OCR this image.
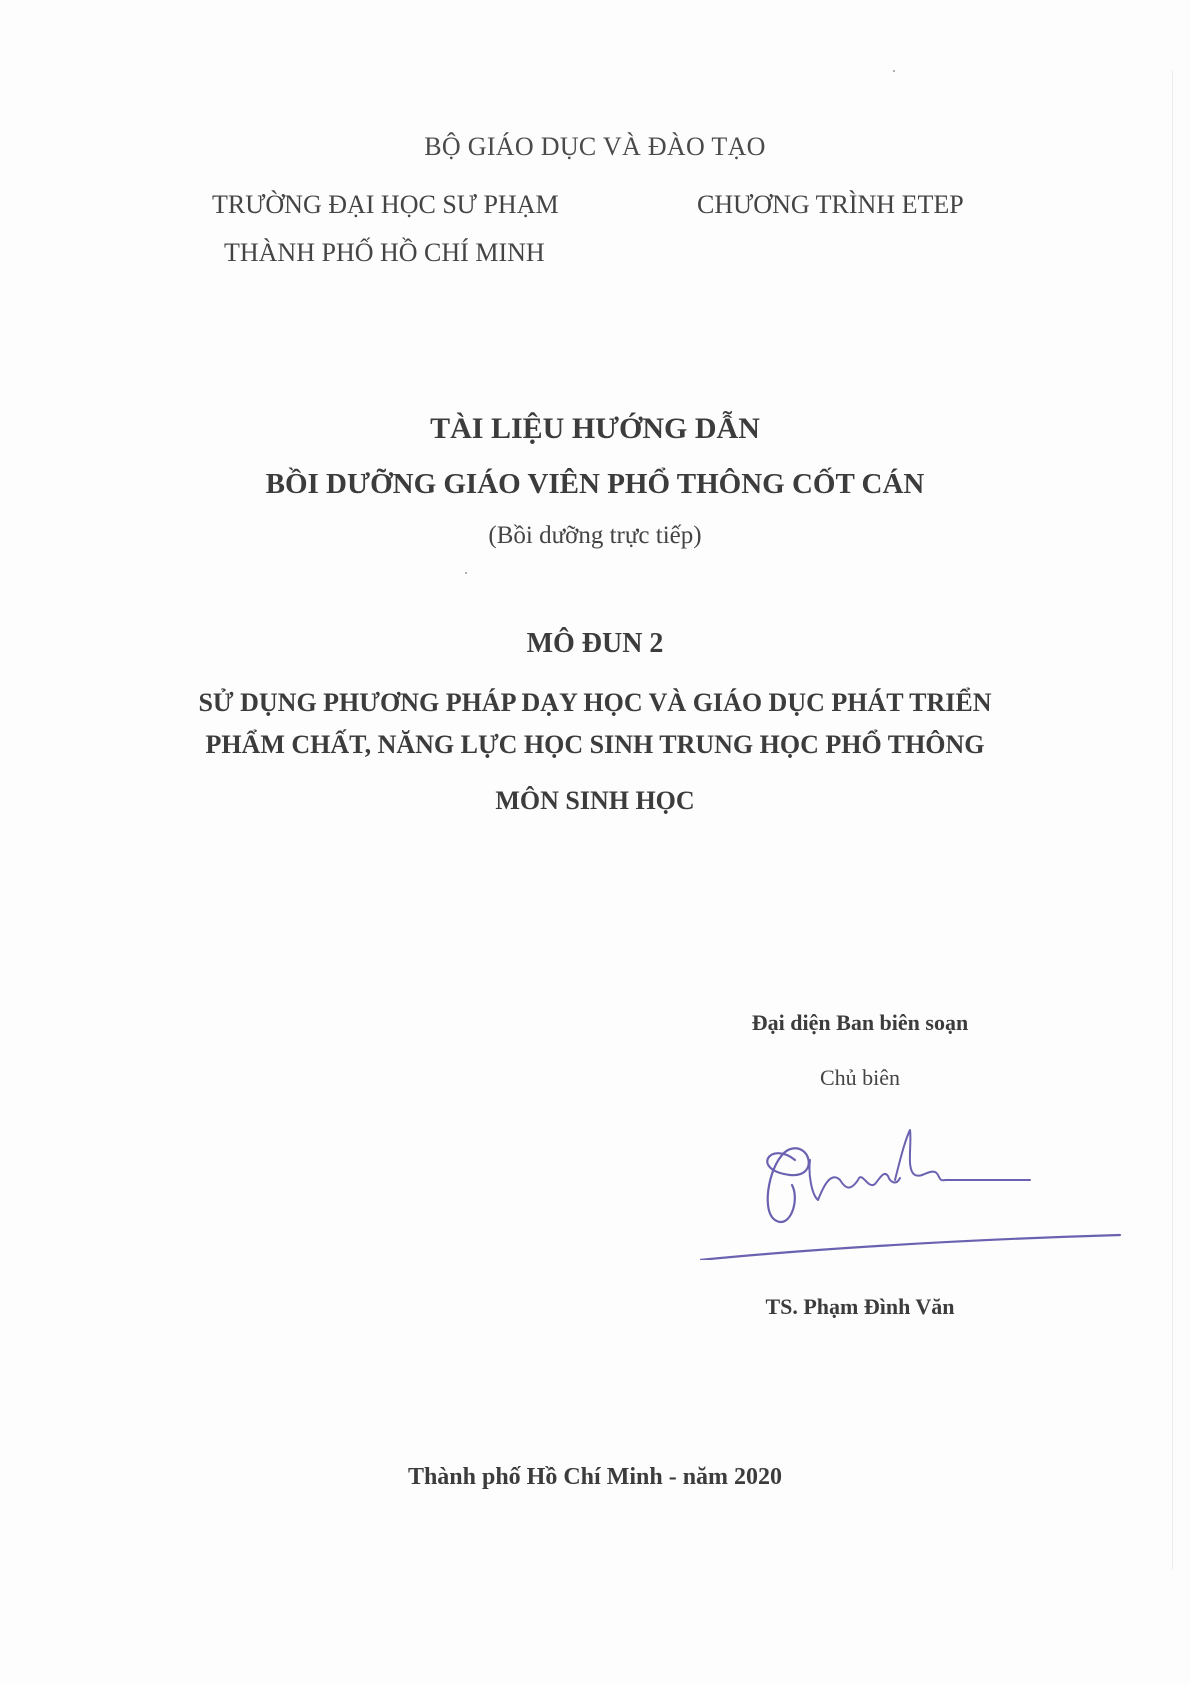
BỘ GIÁO DỤC VÀ ĐÀO TẠO
TRƯỜNG ĐẠI HỌC SƯ PHẠM
THÀNH PHỐ HỒ CHÍ MINH
CHƯƠNG TRÌNH ETEP
TÀI LIỆU HƯỚNG DẪN
BỒI DƯỠNG GIÁO VIÊN PHỔ THÔNG CỐT CÁN
(Bồi dưỡng trực tiếp)
MÔ ĐUN 2
SỬ DỤNG PHƯƠNG PHÁP DẠY HỌC VÀ GIÁO DỤC PHÁT TRIỂN
PHẨM CHẤT, NĂNG LỰC HỌC SINH TRUNG HỌC PHỔ THÔNG
MÔN SINH HỌC
Đại diện Ban biên soạn
Chủ biên
TS. Phạm Đình Văn
Thành phố Hồ Chí Minh - năm 2020
